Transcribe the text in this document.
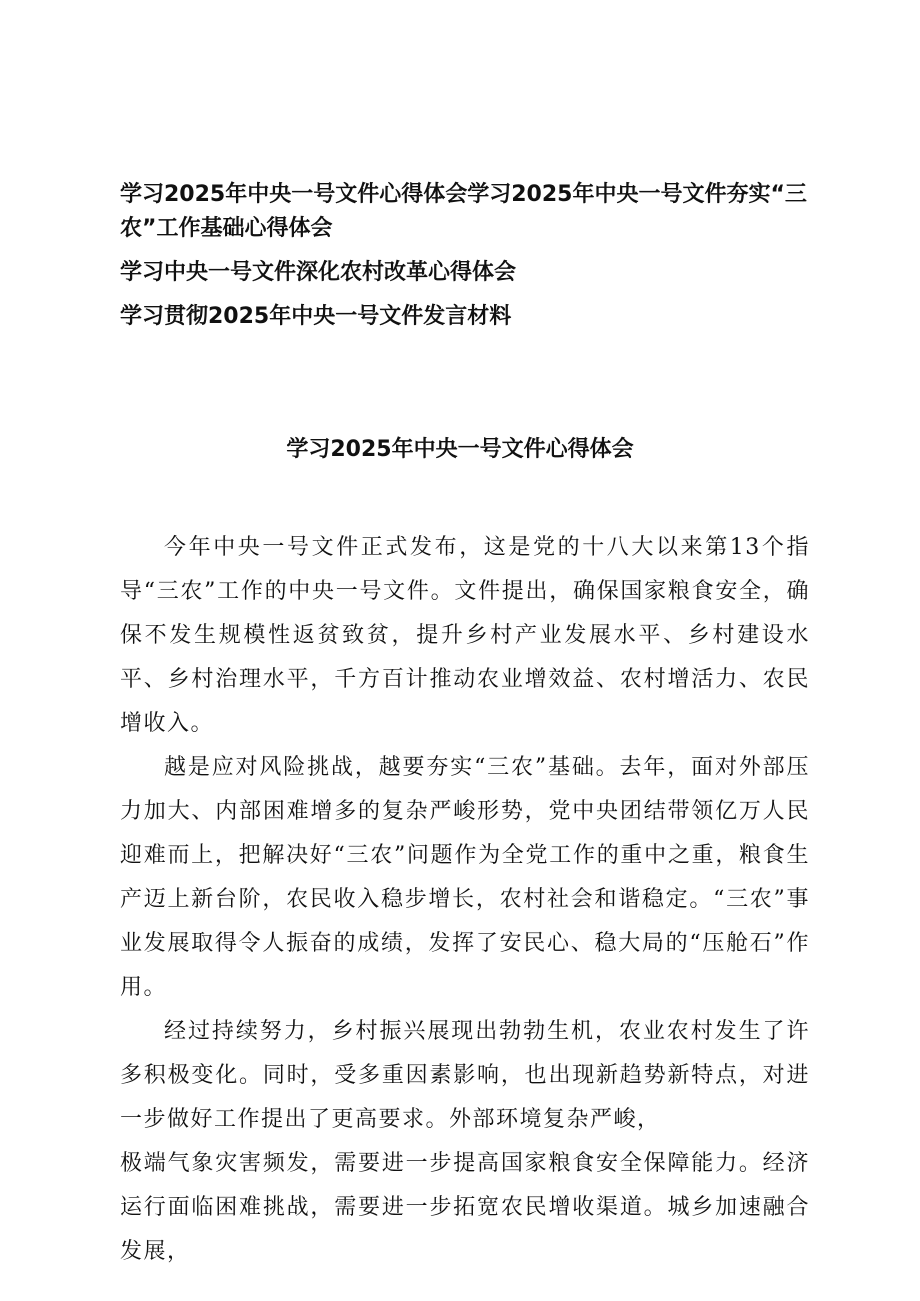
学习2025年中央一号文件心得体会学习2025年中央一号文件夯实“三农”工作基础心得体会

学习中央一号文件深化农村改革心得体会

学习贯彻2025年中央一号文件发言材料

学习2025年中央一号文件心得体会

今年中央一号文件正式发布，这是党的十八大以来第13个指导“三农”工作的中央一号文件。文件提出，确保国家粮食安全，确保不发生规模性返贫致贫，提升乡村产业发展水平、乡村建设水平、乡村治理水平，千方百计推动农业增效益、农村增活力、农民增收入。

越是应对风险挑战，越要夯实“三农”基础。去年，面对外部压力加大、内部困难增多的复杂严峻形势，党中央团结带领亿万人民迎难而上，把解决好“三农”问题作为全党工作的重中之重，粮食生产迈上新台阶，农民收入稳步增长，农村社会和谐稳定。“三农”事业发展取得令人振奋的成绩，发挥了安民心、稳大局的“压舱石”作用。

经过持续努力，乡村振兴展现出勃勃生机，农业农村发生了许多积极变化。同时，受多重因素影响，也出现新趋势新特点，对进一步做好工作提出了更高要求。外部环境复杂严峻，

极端气象灾害频发，需要进一步提高国家粮食安全保障能力。经济运行面临困难挑战，需要进一步拓宽农民增收渠道。城乡加速融合发展，
